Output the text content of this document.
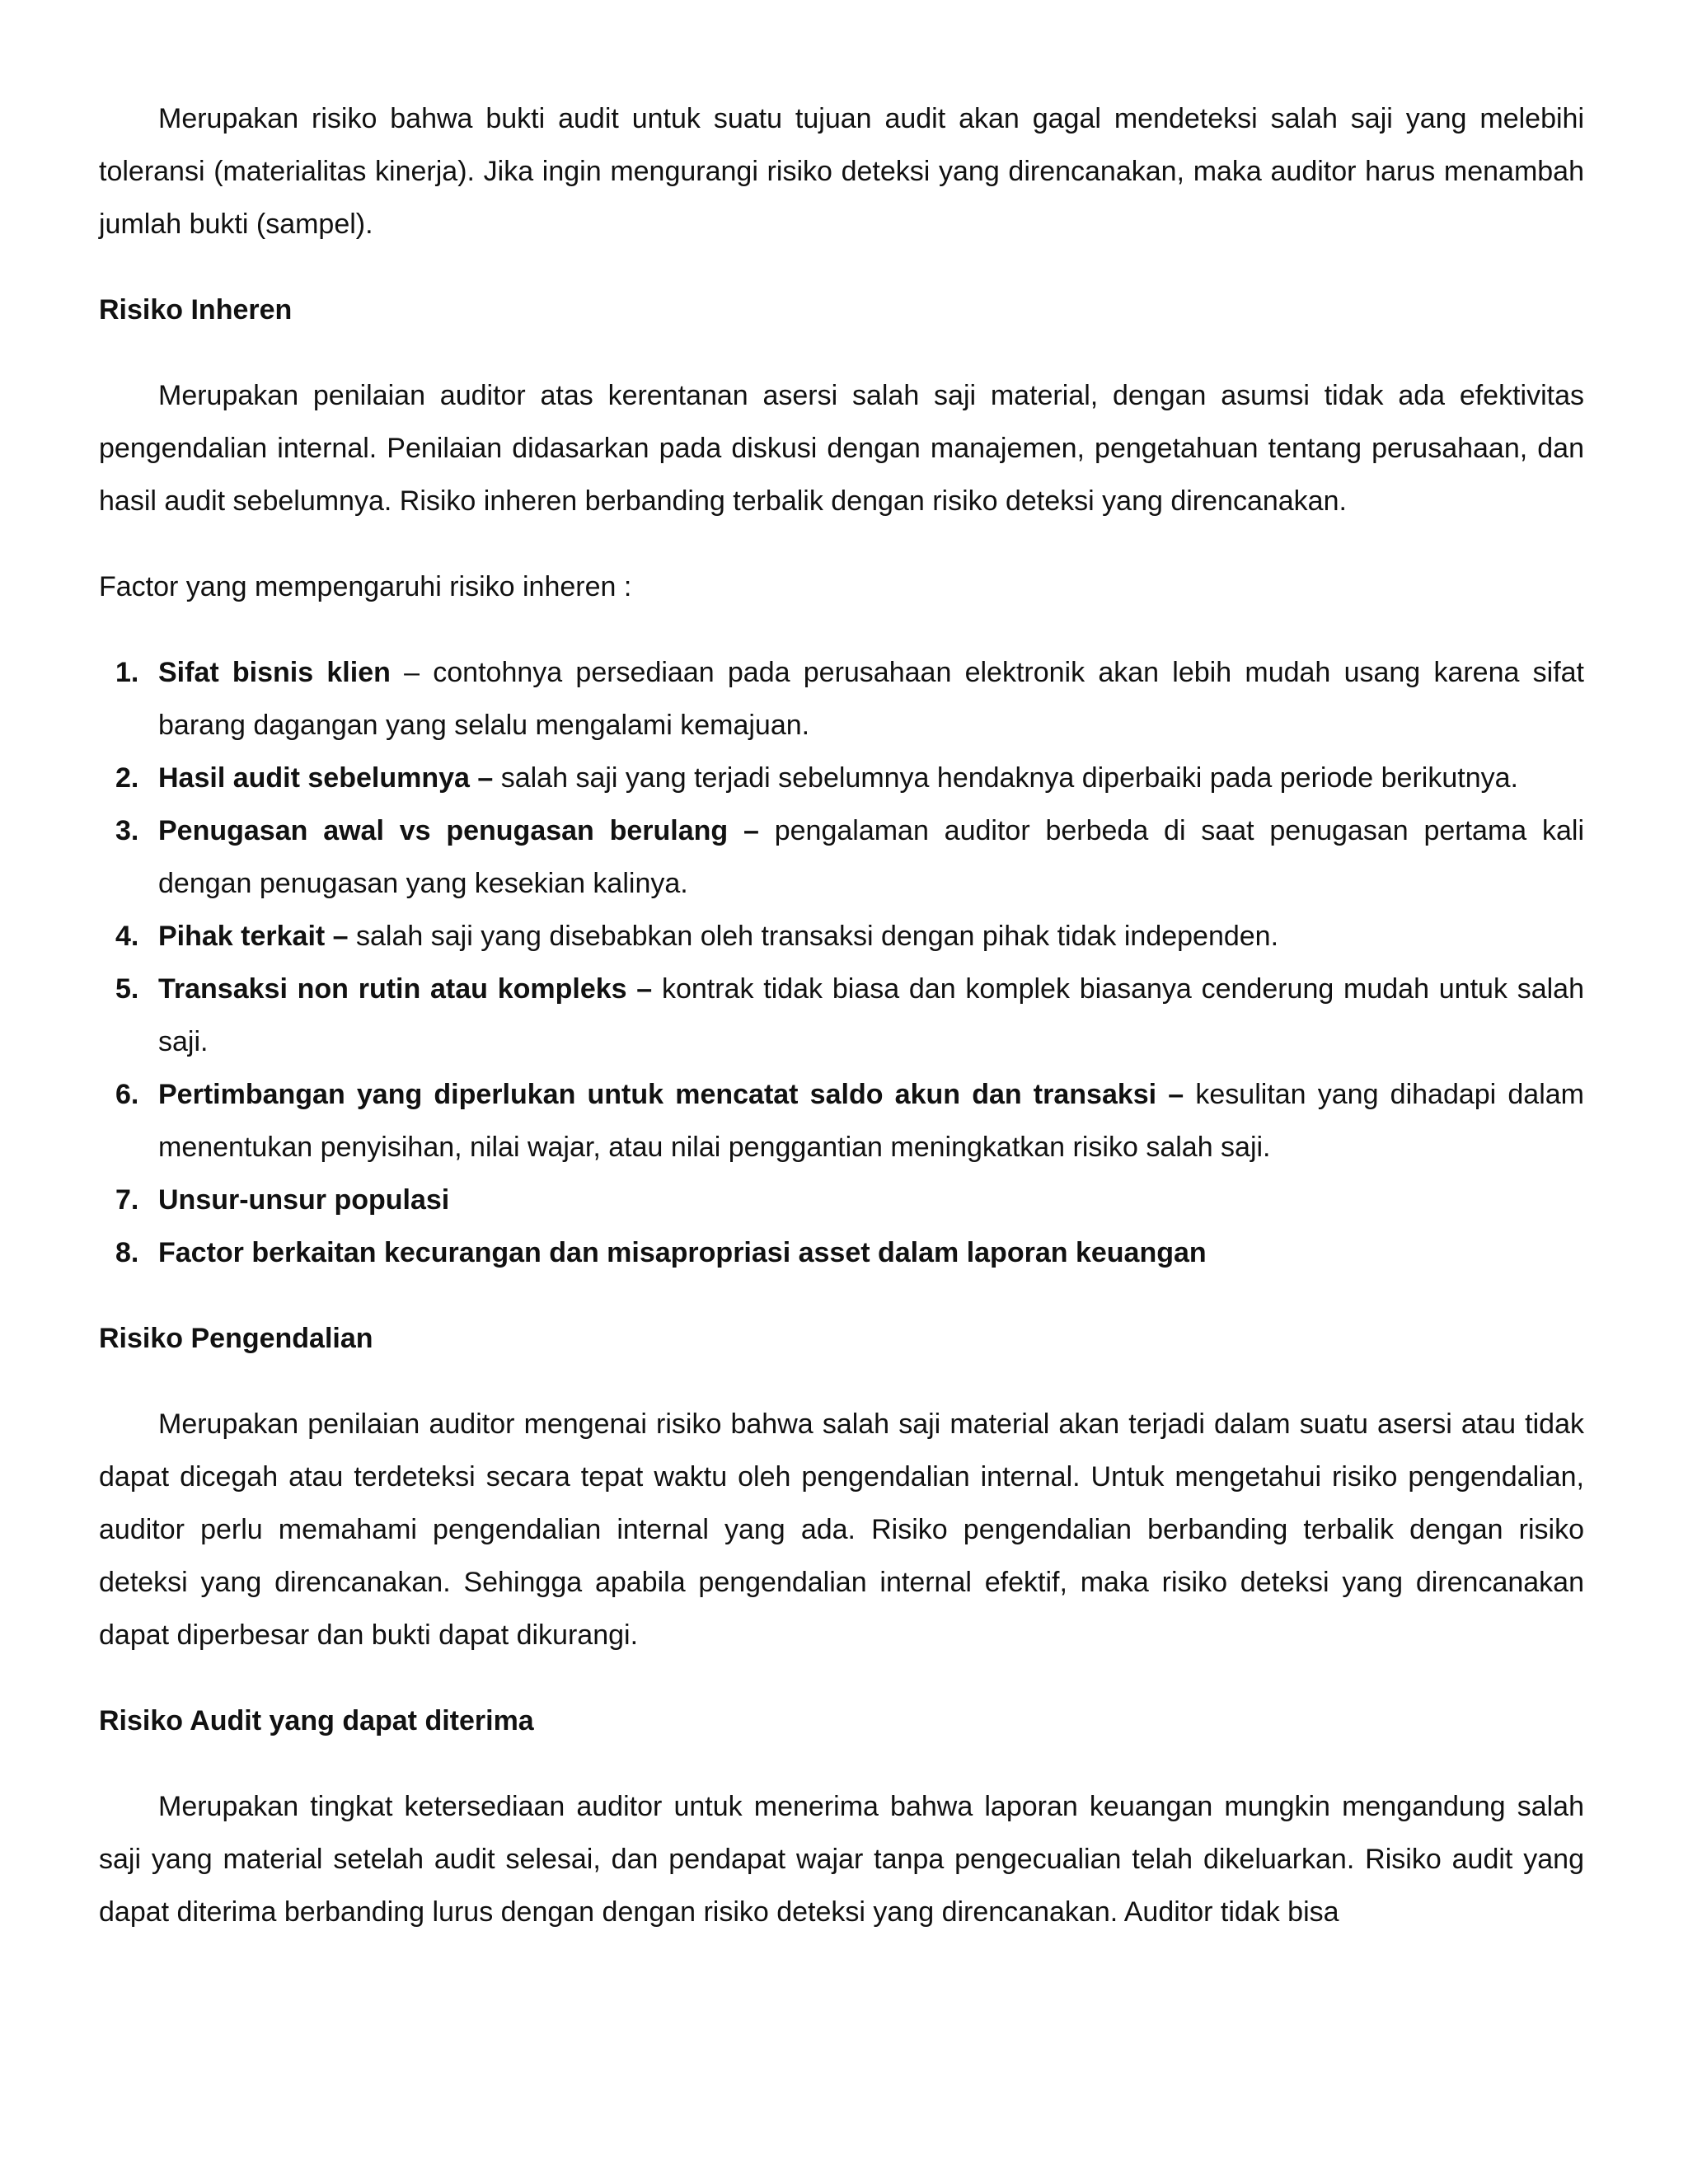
Merupakan risiko bahwa bukti audit untuk suatu tujuan audit akan gagal mendeteksi salah saji yang melebihi toleransi (materialitas kinerja). Jika ingin mengurangi risiko deteksi yang direncanakan, maka auditor harus menambah jumlah bukti (sampel).

Risiko Inheren

Merupakan penilaian auditor atas kerentanan asersi salah saji material, dengan asumsi tidak ada efektivitas pengendalian internal. Penilaian didasarkan pada diskusi dengan manajemen, pengetahuan tentang perusahaan, dan hasil audit sebelumnya. Risiko inheren berbanding terbalik dengan risiko deteksi yang direncanakan.

Factor yang mempengaruhi risiko inheren :

1. Sifat bisnis klien – contohnya persediaan pada perusahaan elektronik akan lebih mudah usang karena sifat barang dagangan yang selalu mengalami kemajuan.
2. Hasil audit sebelumnya – salah saji yang terjadi sebelumnya hendaknya diperbaiki pada periode berikutnya.
3. Penugasan awal vs penugasan berulang – pengalaman auditor berbeda di saat penugasan pertama kali dengan penugasan yang kesekian kalinya.
4. Pihak terkait – salah saji yang disebabkan oleh transaksi dengan pihak tidak independen.
5. Transaksi non rutin atau kompleks – kontrak tidak biasa dan komplek biasanya cenderung mudah untuk salah saji.
6. Pertimbangan yang diperlukan untuk mencatat saldo akun dan transaksi – kesulitan yang dihadapi dalam menentukan penyisihan, nilai wajar, atau nilai penggantian meningkatkan risiko salah saji.
7. Unsur-unsur populasi
8. Factor berkaitan kecurangan dan misapropriasi asset dalam laporan keuangan
Risiko Pengendalian

Merupakan penilaian auditor mengenai risiko bahwa salah saji material akan terjadi dalam suatu asersi atau tidak dapat dicegah atau terdeteksi secara tepat waktu oleh pengendalian internal. Untuk mengetahui risiko pengendalian, auditor perlu memahami pengendalian internal yang ada. Risiko pengendalian berbanding terbalik dengan risiko deteksi yang direncanakan. Sehingga apabila pengendalian internal efektif, maka risiko deteksi yang direncanakan dapat diperbesar dan bukti dapat dikurangi.

Risiko Audit yang dapat diterima

Merupakan tingkat ketersediaan auditor untuk menerima bahwa laporan keuangan mungkin mengandung salah saji yang material setelah audit selesai, dan pendapat wajar tanpa pengecualian telah dikeluarkan. Risiko audit yang dapat diterima berbanding lurus dengan dengan risiko deteksi yang direncanakan. Auditor tidak bisa
